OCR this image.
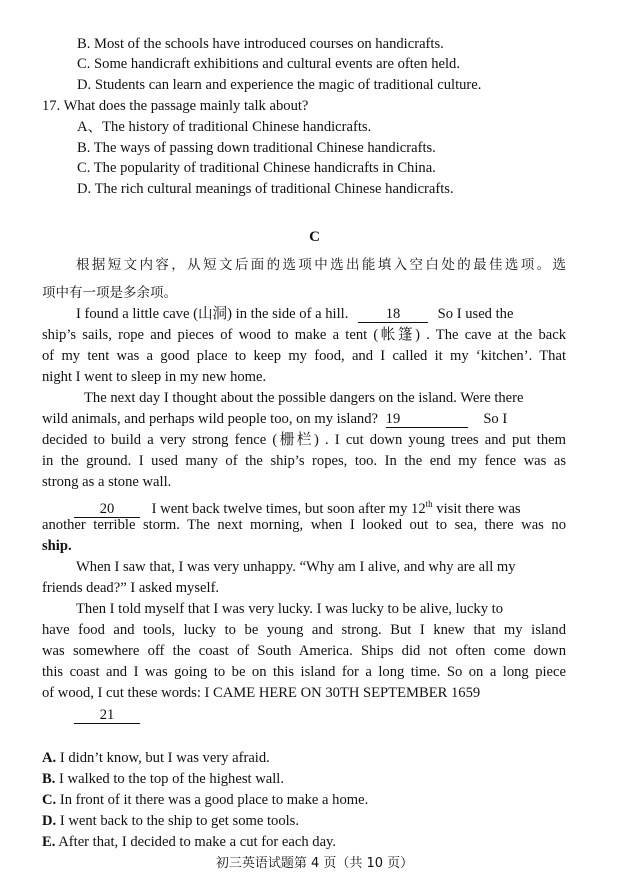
B. Most of the schools have introduced courses on handicrafts.
C. Some handicraft exhibitions and cultural events are often held.
D. Students can learn and experience the magic of traditional culture.
17. What does the passage mainly talk about?
A、The history of traditional Chinese handicrafts.
B. The ways of passing down traditional Chinese handicrafts.
C. The popularity of traditional Chinese handicrafts in China.
D. The rich cultural meanings of traditional Chinese handicrafts.
C
根据短文内容，从短文后面的选项中选出能填入空白处的最佳选项。选
项中有一项是多余项。
I found a little cave (山洞) in the side of a hill.	18	So I used the
ship’s sails, rope and pieces of wood to make a tent (帐篷) . The cave at the back
of my tent was a good place to keep my food, and I called it my ‘kitchen’. That
night I went to sleep in my new home.
The next day I thought about the possible dangers on the island. Were there
wild animals, and perhaps wild people too, on my island? 19	So I
decided to build a very strong fence (栅栏) . I cut down young trees and put them
in the ground. I used many of the ship’s ropes, too. In the end my fence was as
strong as a stone wall.
20	I went back twelve times, but soon after my 12th visit there was
another terrible storm. The next morning, when I looked out to sea, there was no
ship.
When I saw that, I was very unhappy. “Why am I alive, and why are all my
friends dead?” I asked myself.
Then I told myself that I was very lucky. I was lucky to be alive, lucky to
have food and tools, lucky to be young and strong. But I knew that my island
was somewhere off the coast of South America. Ships did not often come down
this coast and I was going to be on this island for a long time. So on a long piece
of wood, I cut these words: I CAME HERE ON 30TH SEPTEMBER 1659
21
A. I didn’t know, but I was very afraid.
B. I walked to the top of the highest wall.
C. In front of it there was a good place to make a home.
D. I went back to the ship to get some tools.
E. After that, I decided to make a cut for each day.
初三英语试题第 4 页（共 10 页）
